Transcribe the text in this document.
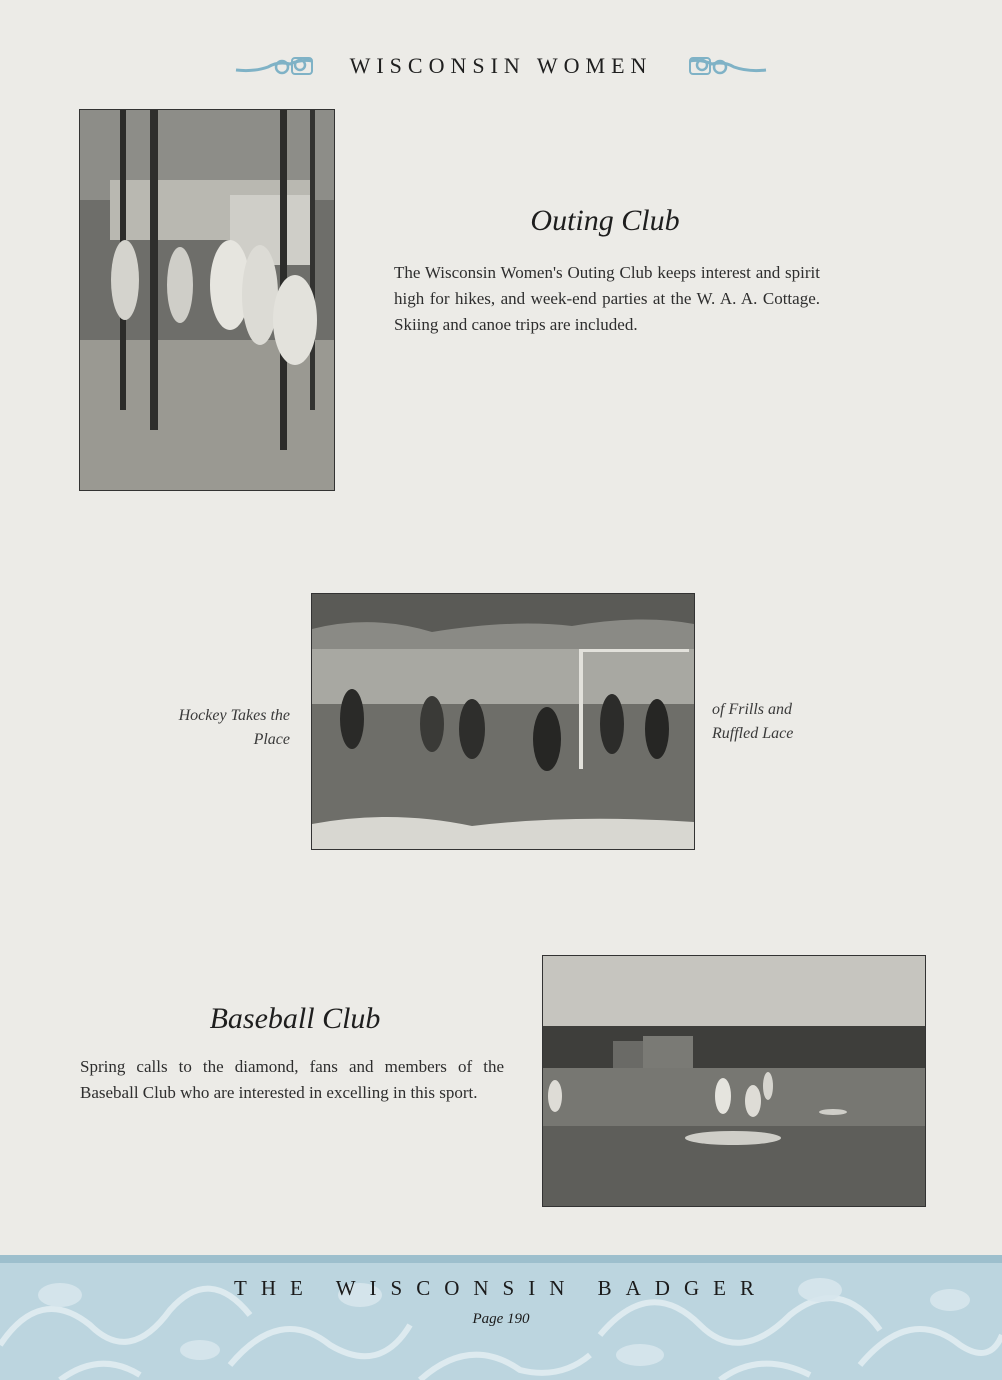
WISCONSIN WOMEN
Outing Club
The Wisconsin Women's Outing Club keeps interest and spirit high for hikes, and week-end parties at the W. A. A. Cottage. Skiing and canoe trips are included.
Hockey Takes the Place
of Frills and Ruffled Lace
Baseball Club
Spring calls to the diamond, fans and members of the Baseball Club who are interested in excelling in this sport.
THE WISCONSIN BADGER
Page 190
